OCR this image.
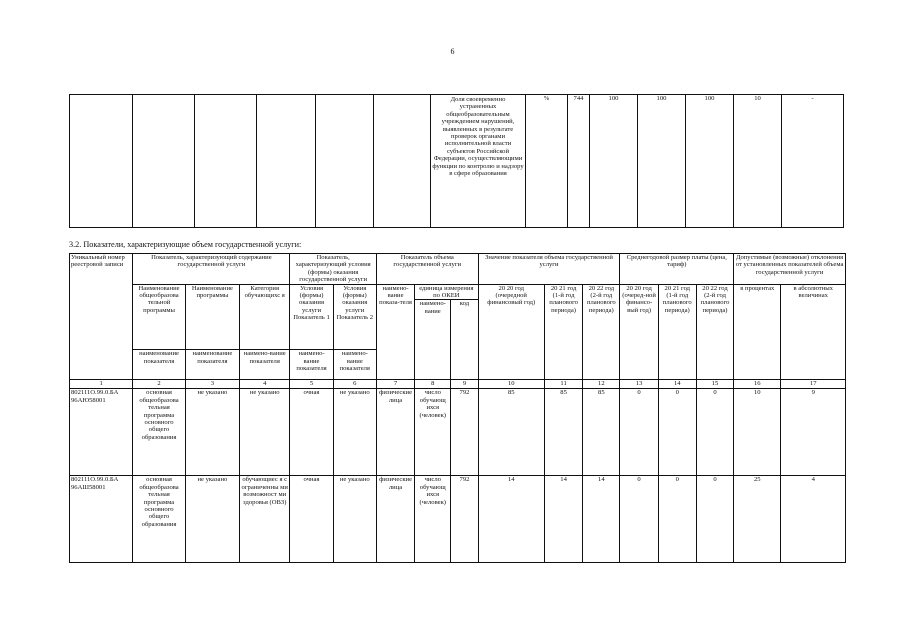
6
						Доля своевременно устраненных общеобразовательным учреждением нарушений, выявленных в результате проверок органами исполнительной власти субъектов Российской Федерации, осуществляющими функции по контролю и надзору в сфере образования	%	744	100	100	100	10	-
3.2. Показатели, характеризующие объем государственной услуги:
Уникальный номер реестровой записи	Показатель, характеризующий содержание государственной услуги			Показатель, характеризующий условия (формы) оказания государственной услуги		Показатель объема государственной услуги			Значение показателя объема государственной услуги			Среднегодовой размер платы (цена, тариф)			Допустимые (возможные) отклонения от установленных показателей объема государственной услуги	
	Наименование общеобразова тельной программы	Наименование программы	Категория обучающихс я	Условия (формы) оказания услуги Показатель 1	Условия (формы) оказания услуги Показатель 2	наимено-вание показа-теля	единица измерения по ОКЕИ		20 20 год
(очередной финансовый год)	20 21 год
(1-й год планового периода)	20 22 год
(2-й год планового периода)	20 20 год
(очеред-ной финансо-вый год)	20 21 год
(1-й год планового периода)	20 22 год
(2-й год планового периода)	в процентах	в абсолютных величинах
							наимено-вание	код								
	наименование показателя	наименование показателя	наимено-вание показателя	наимено-вание показателя	наимено-вание показателя											
1	2	3	4	5	6	7	8	9	10	11	12	13	14	15	16	17
802111О.99.0.БА 96АЮ58001	основная общеобразова тельная программа основного общего образования	не указано	не указано	очная	не указано	физические лица	число обучающ ихся (человек)	792	85	85	85	0	0	0	10	9
802111О.99.0.БА 96АШ58001	основная общеобразова тельная программа основного общего образования	не указано	обучающиес я с ограниченны ми возможност ми здоровья (ОВЗ)	очная	не указано	физические лица	число обучающ ихся (человек)	792	14	14	14	0	0	0	25	4
